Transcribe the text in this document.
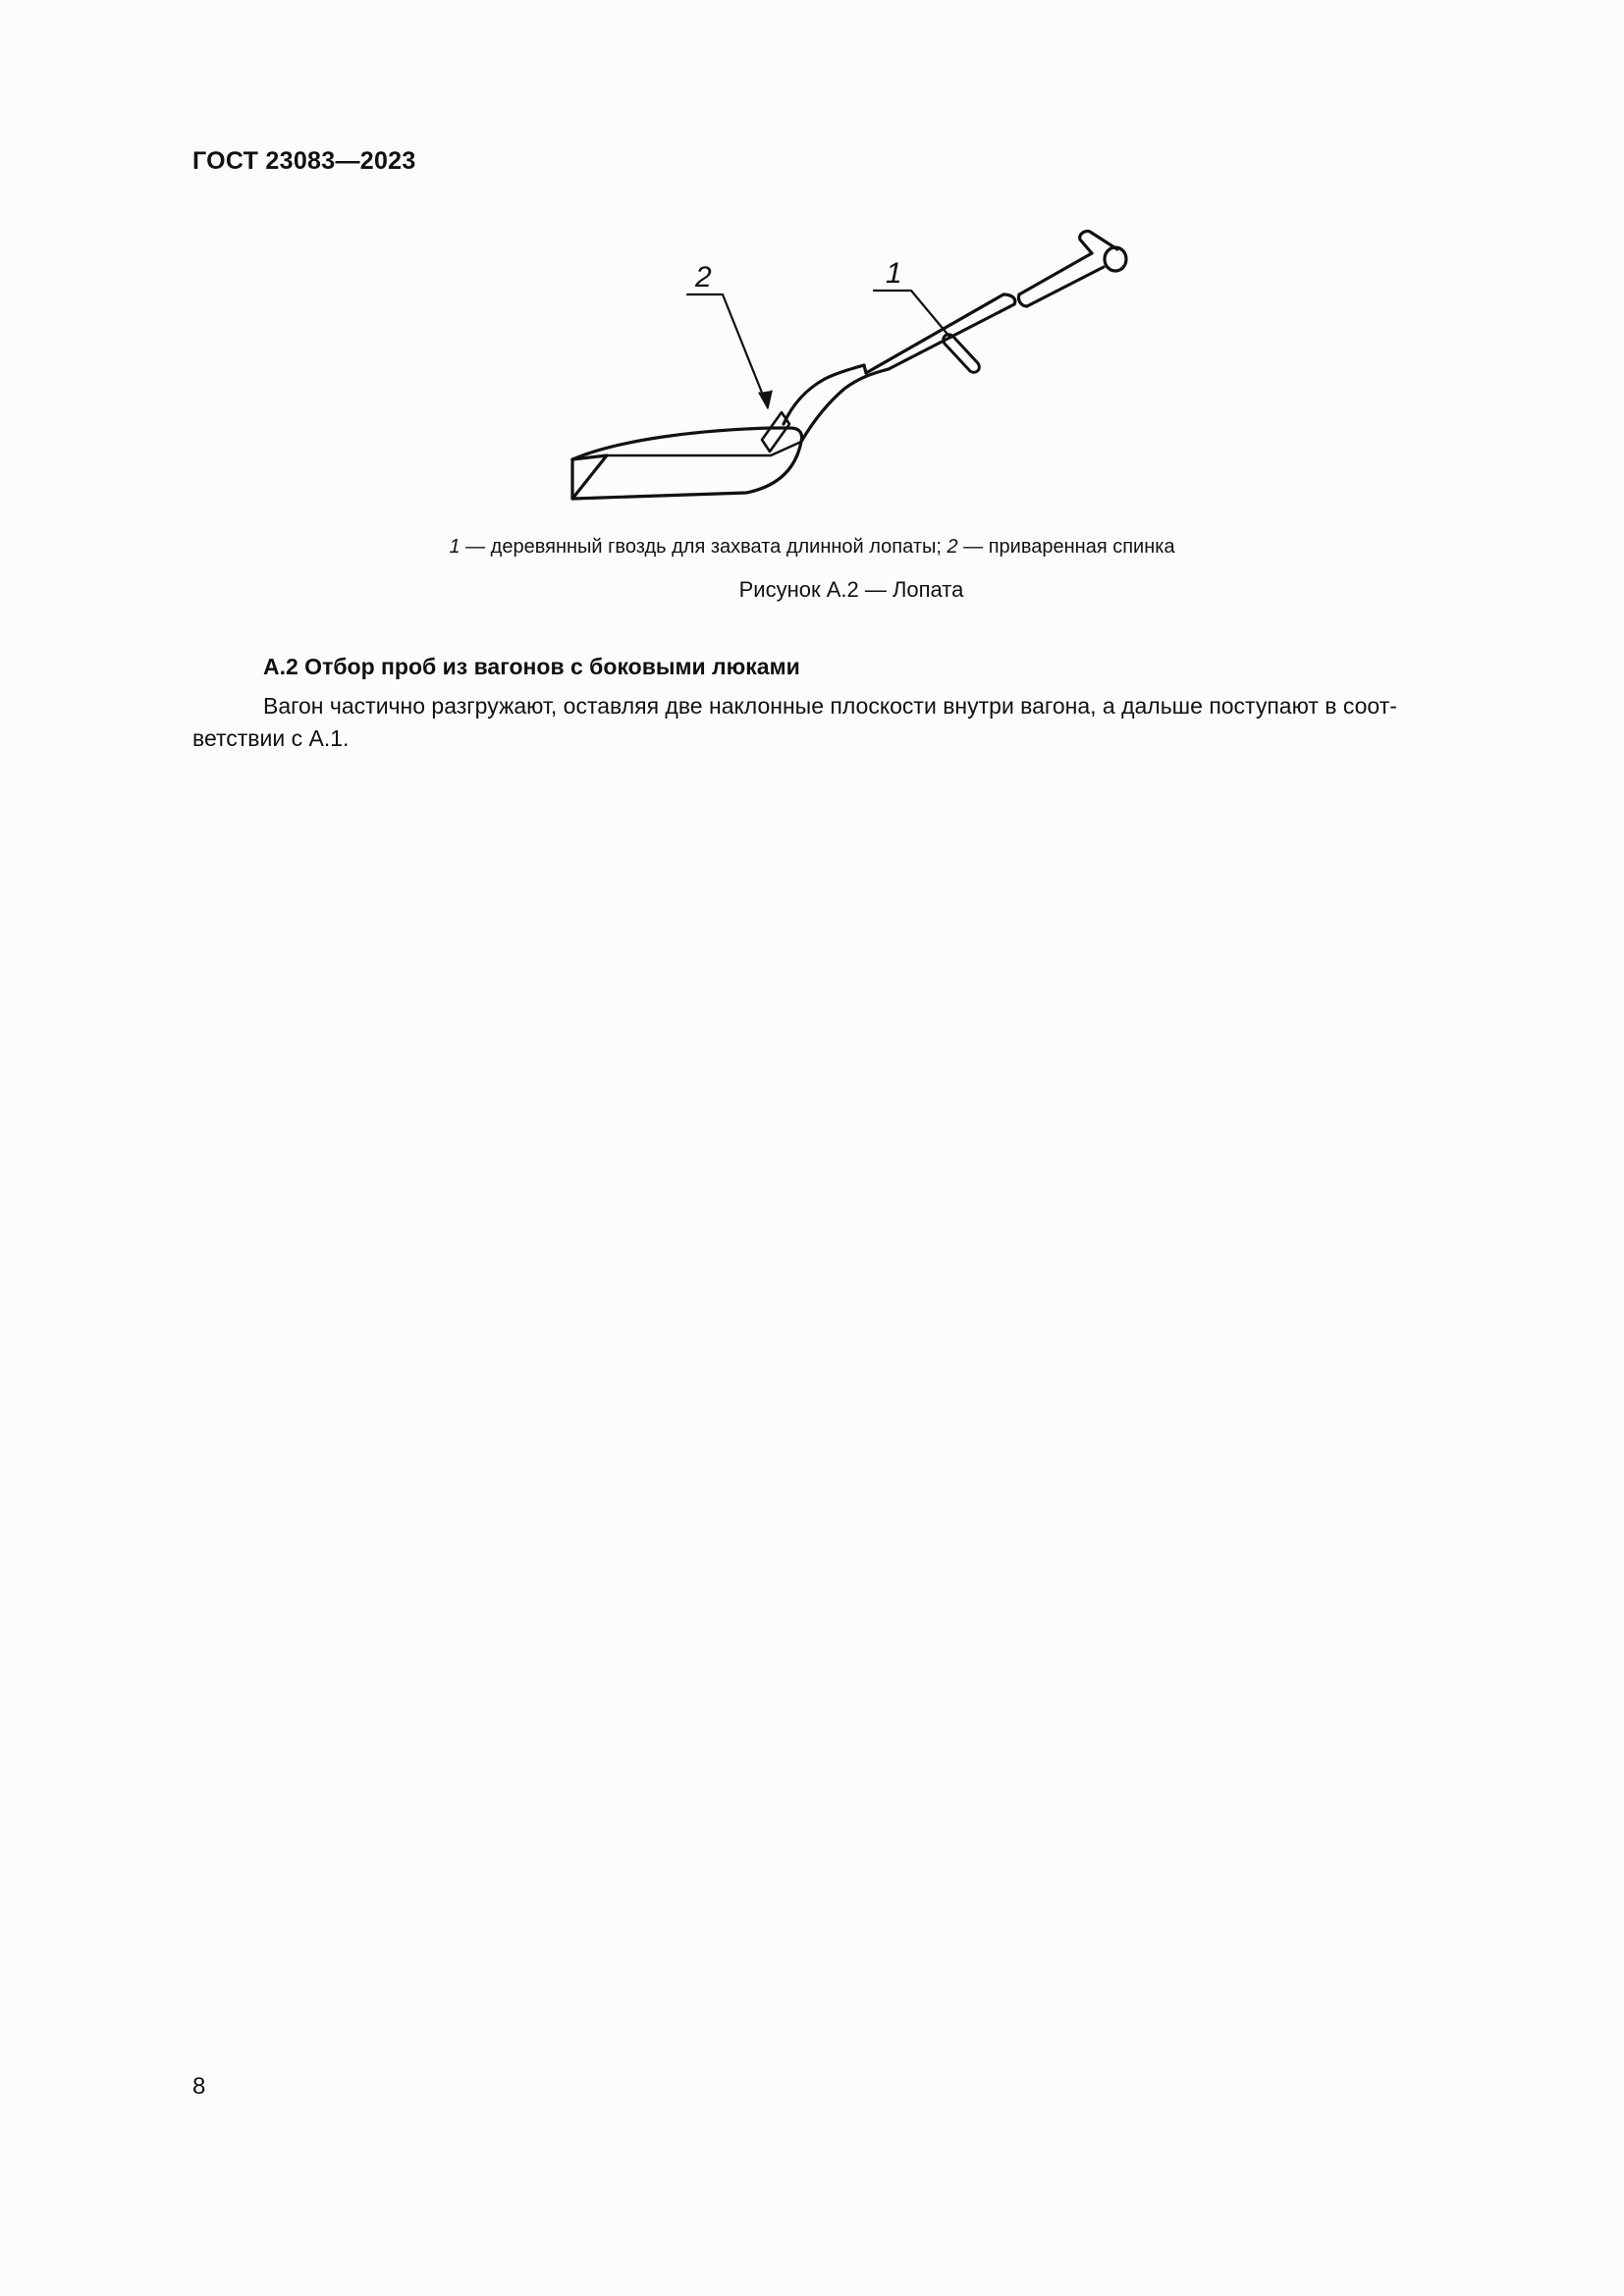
ГОСТ 23083—2023
1
2
1 — деревянный гвоздь для захвата длинной лопаты; 2 — приваренная спинка
Рисунок А.2 — Лопата
А.2 Отбор проб из вагонов с боковыми люками
Вагон частично разгружают, оставляя две наклонные плоскости внутри вагона, а дальше поступают в соот-
ветствии с А.1.
8
